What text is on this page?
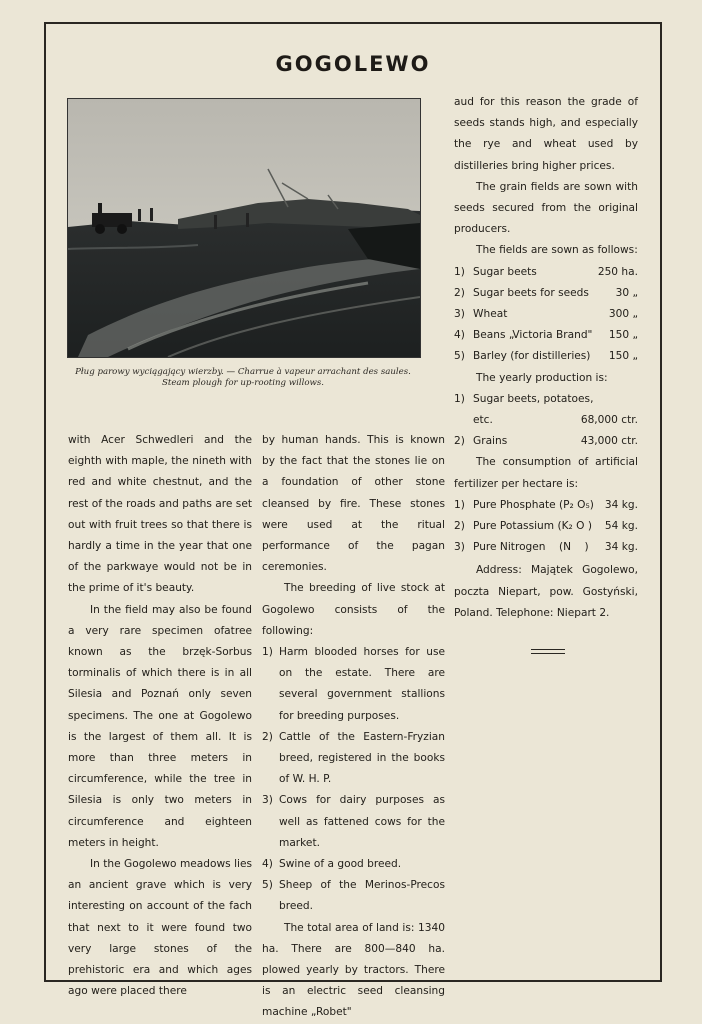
GOGOLEWO
Pług parowy wyciągający wierzby. — Charrue à vapeur arrachant des saules.
Steam plough for up-rooting willows.

with Acer Schwedleri and the eighth with maple, the nineth with red and white chestnut, and the rest of the roads and paths are set out with fruit trees so that there is hardly a time in the year that one of the parkwaye would not be in the prime of it's beauty.

In the field may also be found a very rare specimen ofatree known as the brzęk-Sorbus torminalis of which there is in all Silesia and Poznań only seven specimens. The one at Gogolewo is the largest of them all. It is more than three meters in circumference, while the tree in Silesia is only two meters in circumference and eighteen meters in height.

In the Gogolewo meadows lies an ancient grave which is very interesting on account of the fach that next to it were found two very large stones of the prehistoric era and which ages ago were placed there

by human hands. This is known by the fact that the stones lie on a foundation of other stone cleansed by fire. These stones were used at the ritual performance of the pagan ceremonies.

The breeding of live stock at Gogolewo consists of the following:

1) Harm blooded horses for use on the estate. There are several government stallions for breeding purposes.
2) Cattle of the Eastern-Fryzian breed, registered in the books of W. H. P.
3) Cows for dairy purposes as well as fattened cows for the market.
4) Swine of a good breed.
5) Sheep of the Merinos-Precos breed.

The total area of land is: 1340 ha. There are 800—840 ha. plowed yearly by tractors. There is an electric seed cleansing machine „Robet"

aud for this reason the grade of seeds stands high, and especially the rye and wheat used by distilleries bring higher prices.

The grain fields are sown with seeds secured from the original producers.

The fields are sown as follows:

1) Sugar beets	250 ha.
2) Sugar beets for seeds	30 „
3) Wheat	300 „
4) Beans „Victoria Brand" 150 „
5) Barley (for distilleries) 150 „

The yearly production is:

1) Sugar beets, potatoes,
etc.	68,000 ctr.
2) Grains	43,000 ctr.

The consumption of artificial fertilizer per hectare is:

1) Pure Phosphate (P₂ O₅) 34 kg.
2) Pure Potassium (K₂ O ) 54 kg.
3) Pure Nitrogen    (N    ) 34 kg.

Address: Majątek Gogolewo, poczta Niepart, pow. Gostyński, Poland. Telephone: Niepart 2.
